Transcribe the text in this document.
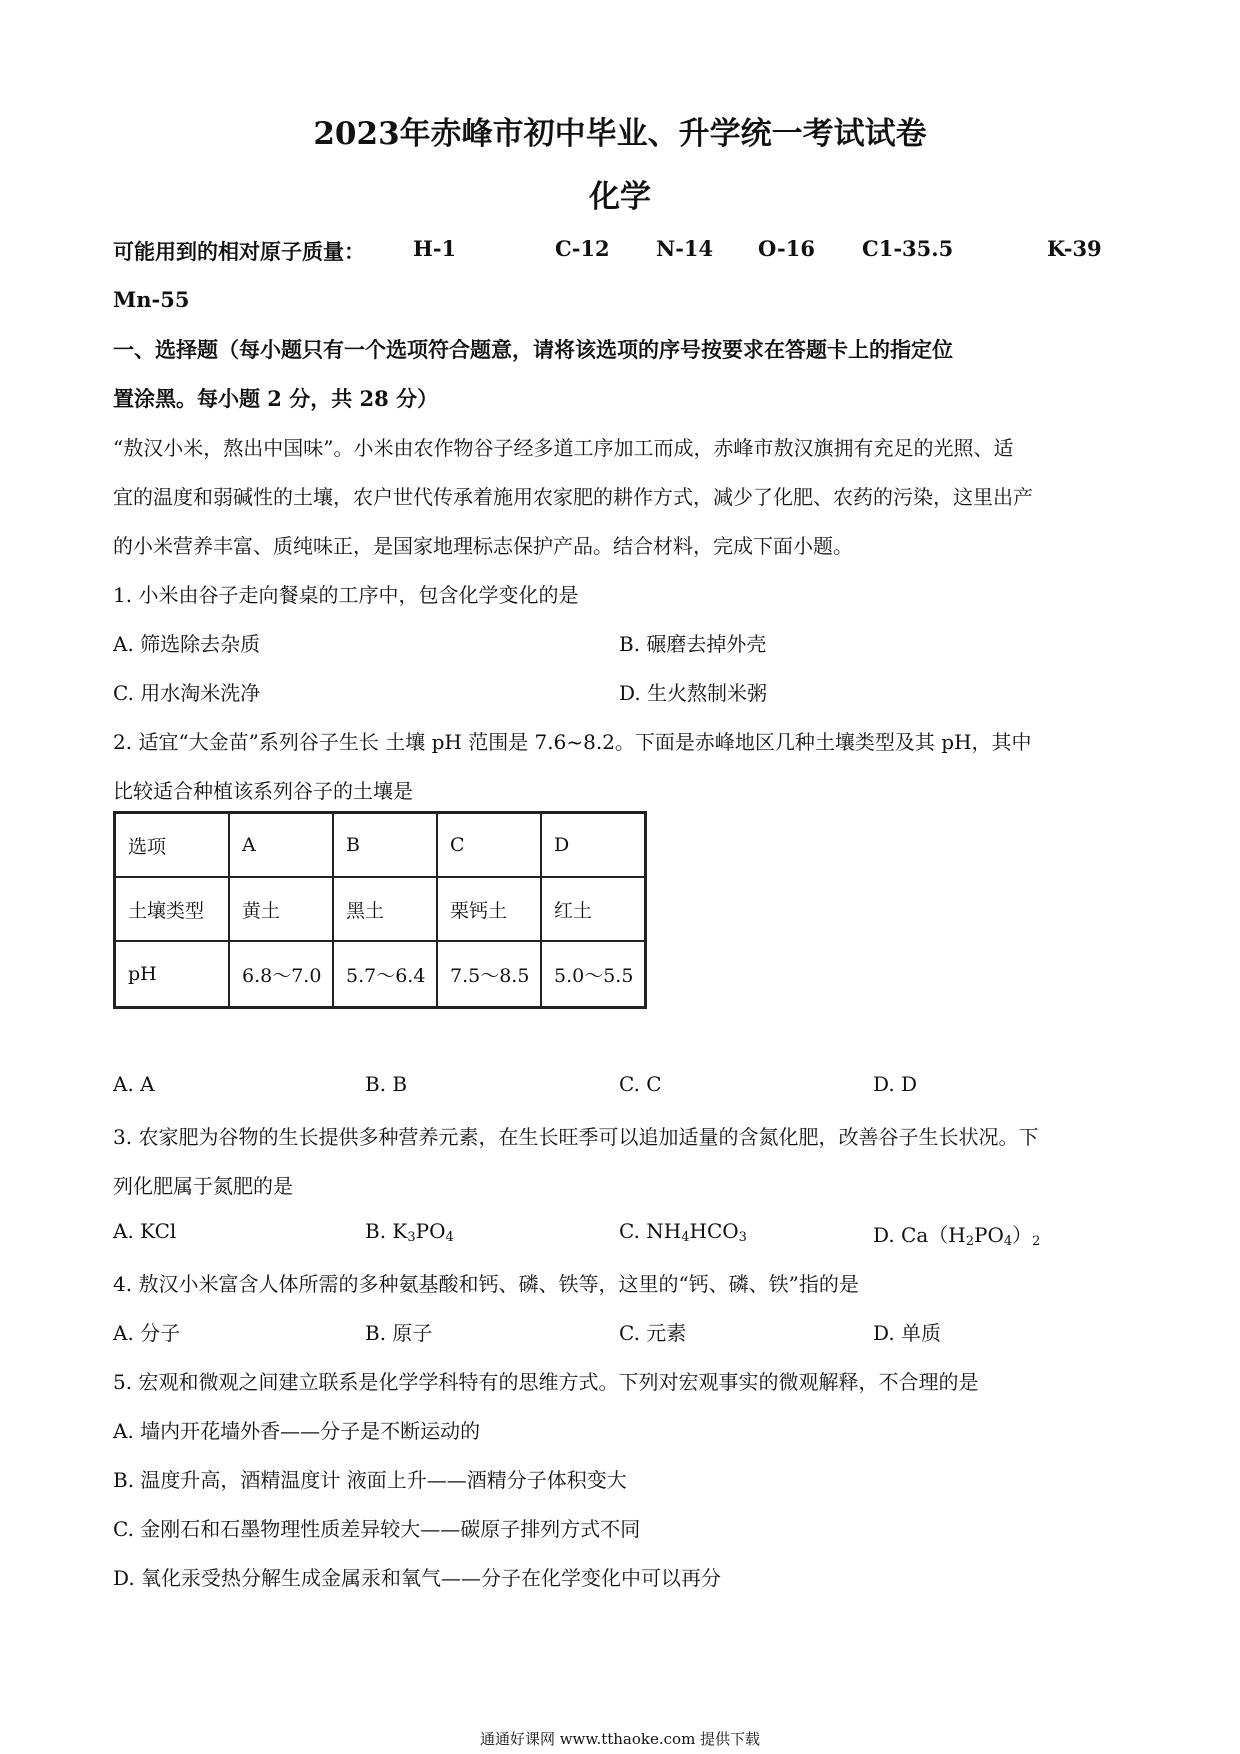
2023年赤峰市初中毕业、升学统一考试试卷
化学
可能用到的相对原子质量： H-1	C-12 N-14 O-16 C1-35.5	K-39
Mn-55
一、选择题（每小题只有一个选项符合题意，请将该选项的序号按要求在答题卡上的指定位
置涂黑。每小题 2 分，共 28 分）
“敖汉小米，熬出中国味”。小米由农作物谷子经多道工序加工而成，赤峰市敖汉旗拥有充足的光照、适
宜的温度和弱碱性的土壤，农户世代传承着施用农家肥的耕作方式，减少了化肥、农药的污染，这里出产
的小米营养丰富、质纯味正，是国家地理标志保护产品。结合材料，完成下面小题。
1. 小米由谷子走向餐桌的工序中，包含化学变化的是
A. 筛选除去杂质	B. 碾磨去掉外壳
C. 用水淘米洗净	D. 生火熬制米粥
2. 适宜“大金苗”系列谷子生长 土壤 pH 范围是 7.6~8.2。下面是赤峰地区几种土壤类型及其 pH，其中
比较适合种植该系列谷子的土壤是
选项	A	B	C	D
土壤类型	黄土	黑土	栗钙土	红土
pH	6.8～7.0	5.7～6.4	7.5～8.5	5.0～5.5
A. A	B. B	C. C	D. D
3. 农家肥为谷物的生长提供多种营养元素，在生长旺季可以追加适量的含氮化肥，改善谷子生长状况。下
列化肥属于氮肥的是
A. KCl	B. $K_3PO_4$	C. $NH_4HCO_3$	D. $Ca(H_2PO_4)_2$
4. 敖汉小米富含人体所需的多种氨基酸和钙、磷、铁等，这里的“钙、磷、铁”指的是
A. 分子	B. 原子	C. 元素	D. 单质
5. 宏观和微观之间建立联系是化学学科特有的思维方式。下列对宏观事实的微观解释，不合理的是
A. 墙内开花墙外香——分子是不断运动的
B. 温度升高，酒精温度计 液面上升——酒精分子体积变大
C. 金刚石和石墨物理性质差异较大——碳原子排列方式不同
D. 氧化汞受热分解生成金属汞和氧气——分子在化学变化中可以再分
通通好课网 www.tthaoke.com 提供下载
